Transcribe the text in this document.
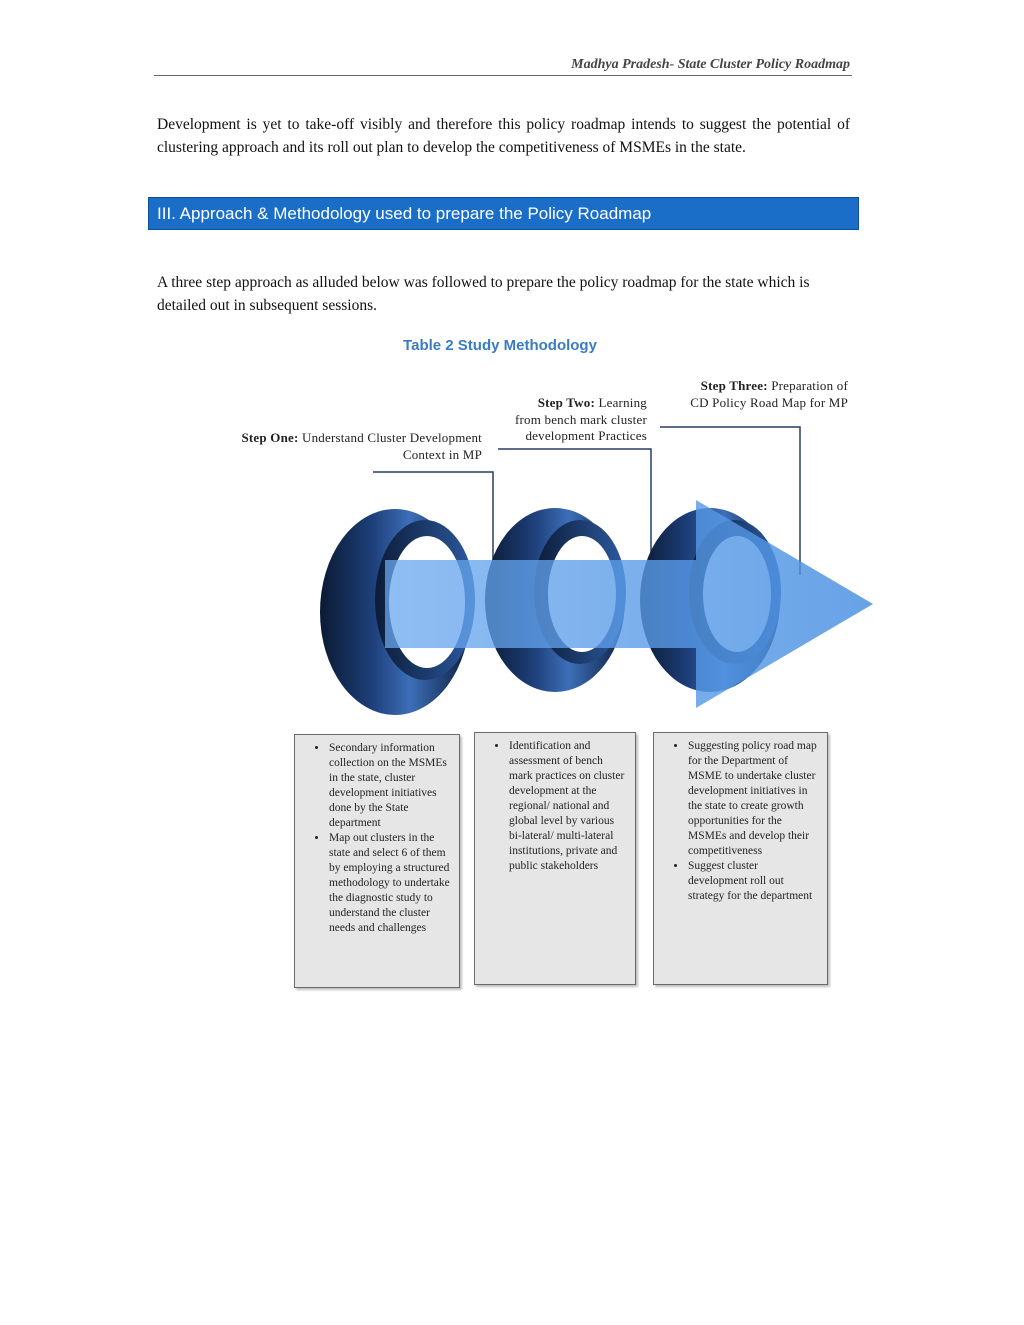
Madhya Pradesh- State Cluster Policy Roadmap
Development is yet to take-off visibly and therefore this policy roadmap intends to suggest the potential of clustering approach and its roll out plan to develop the competitiveness of MSMEs in the state.
III. Approach & Methodology used to prepare the Policy Roadmap
A three step approach as alluded below was followed to prepare the policy roadmap for the state which is detailed out in subsequent sessions.
Table 2 Study Methodology
Step One: Understand Cluster Development
Context in MP
Step Two: Learning
from bench mark cluster
development Practices
Step Three: Preparation of
CD Policy Road Map for MP
• Secondary information collection on the MSMEs in the state, cluster development initiatives done by the State department
• Map out clusters in the state and select 6 of them by employing a structured methodology to undertake the diagnostic study to understand the cluster needs and challenges
• Identification and assessment of bench mark practices on cluster development at the regional/ national and global level by various bi-lateral/ multi-lateral institutions, private and public stakeholders
• Suggesting policy road map for the Department of MSME to undertake cluster development initiatives in the state to create growth opportunities for the MSMEs and develop their competitiveness
• Suggest cluster development roll out strategy for the department
